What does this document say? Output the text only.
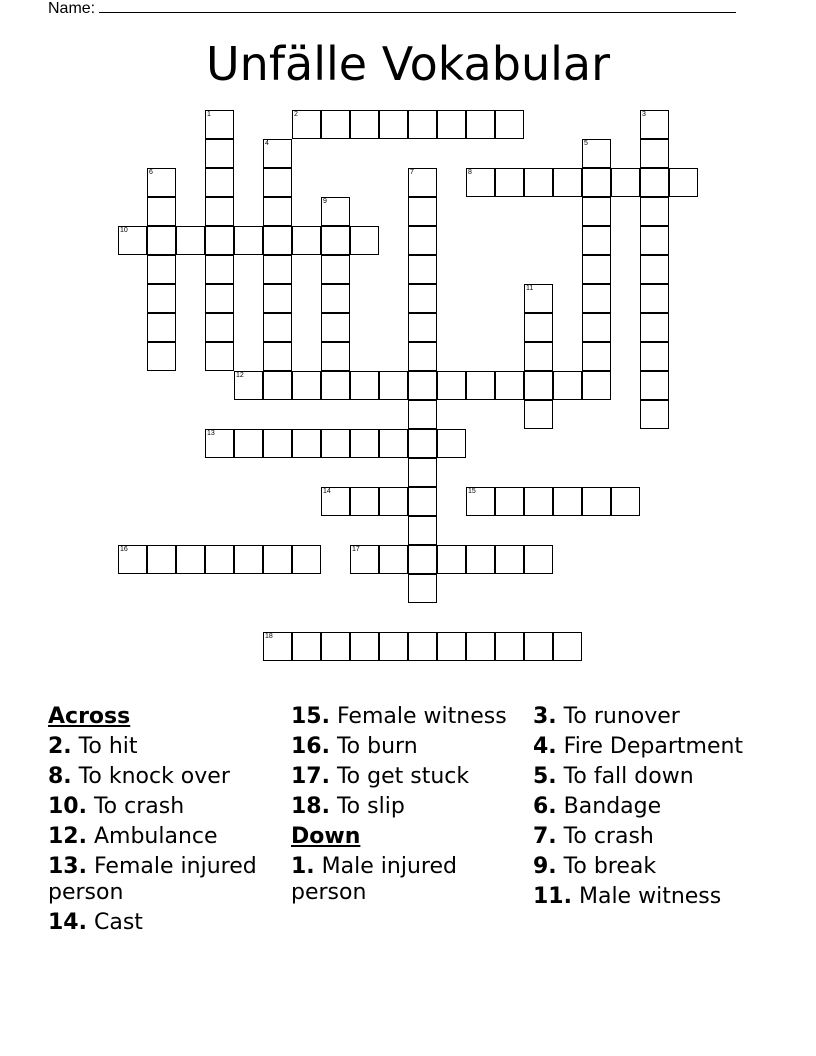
Name:
Unfälle Vokabular
1	2	3
4	5
6	7	8
9
10
11
12
13
14	15
16	17
18
Across
2. To hit
8. To knock over
10. To crash
12. Ambulance
13. Female injured person
14. Cast
15. Female witness
16. To burn
17. To get stuck
18. To slip
Down
1. Male injured person
3. To runover
4. Fire Department
5. To fall down
6. Bandage
7. To crash
9. To break
11. Male witness
